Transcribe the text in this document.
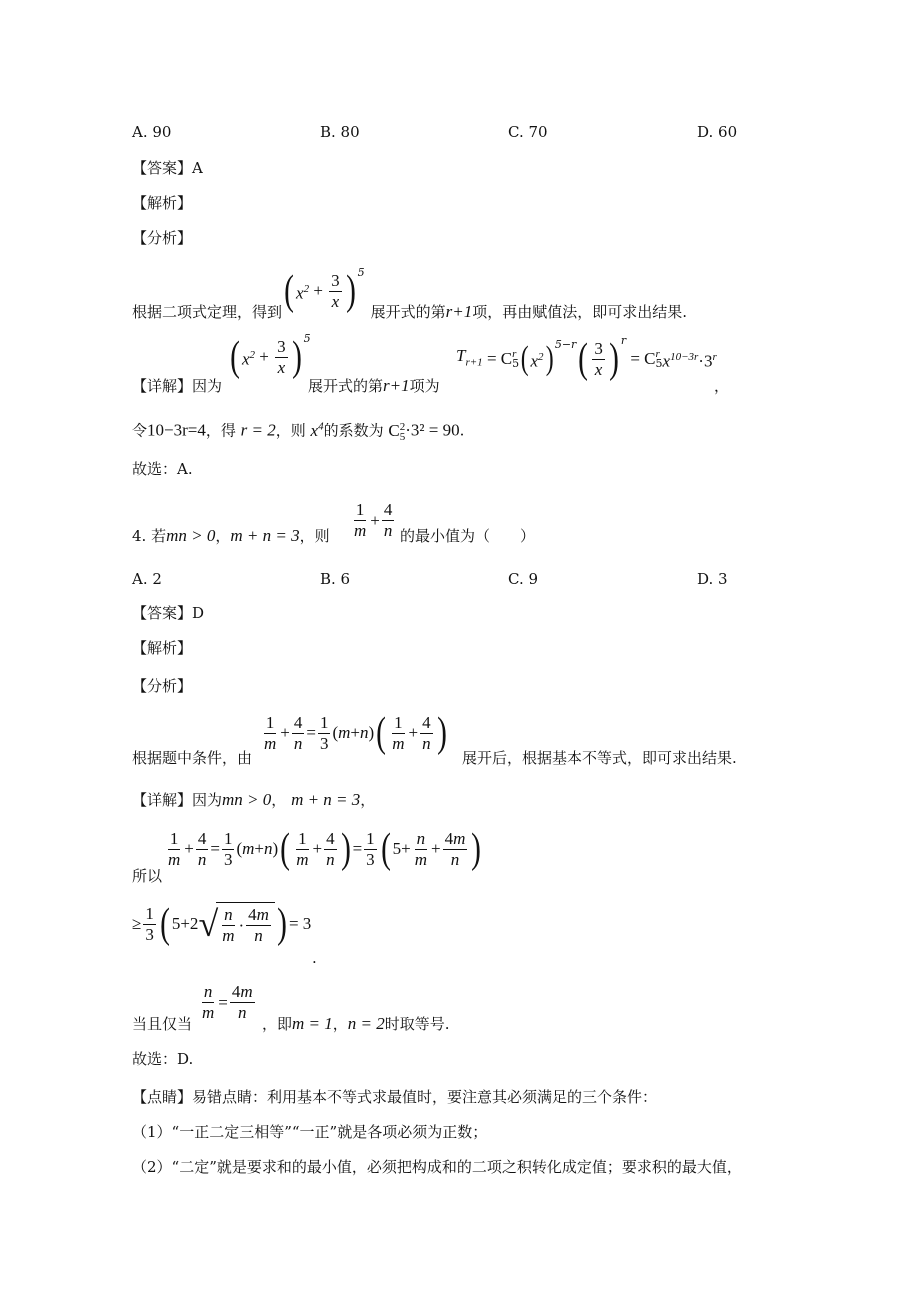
A. 90	B. 80	C. 70	D. 60
【答案】A
【解析】
【分析】
根据二项式定理，得到 ( $x^2 + \frac{3}{x} )^5$
展开式的第 r+1 项，再由赋值法，即可求出结果.
【详解】因为
( $x^2 + \frac{3}{x} )^5$
展开式的第r+1项为
$T_{r+1} = C$ r
5 ( $x^2$ )$^{5-r}$ ( $\frac{3}{x} )^r$
= C r
5 $x^{10-3r} \cdot 3^r$
，
令10−3r=4，得 r = 2，则 $x^4$的系数为 C 2
5 ·3² = 90.
故选：A.
4. 若mn > 0，m + n = 3，则 $\frac{1}{m} + \frac{4}{n}$ 的最小值为（　　）
A. 2	B. 6	C. 9	D. 3
【答案】D
【解析】
【分析】
根据题中条件，由
$\frac{1}{m} + \frac{4}{n} = \frac{1}{3}$ ( m + n ) ( $\frac{1}{m} + \frac{4}{n}$ )
展开后，根据基本不等式，即可求出结果.
【详解】因为mn > 0， m + n = 3，
所以
$\frac{1}{m} + \frac{4}{n} = \frac{1}{3}$ ( m + n ) ( $\frac{1}{m} + \frac{4}{n}$ ) = $\frac{1}{3}$ ( $5+ \frac{n}{m} + \frac{4m}{n}$ )
≥ $\frac{1}{3}$ ( 5+2 √ $\frac{n}{m} \cdot \frac{4m}{n}$ ) = 3
.
当且仅当
$\frac{n}{m} = \frac{4m}{n}$
，即m = 1，n = 2时取等号.
故选：D.
【点睛】易错点睛：利用基本不等式求最值时，要注意其必须满足的三个条件：
（1）“一正二定三相等”“一正”就是各项必须为正数；
（2）“二定”就是要求和的最小值，必须把构成和的二项之积转化成定值；要求积的最大值，
